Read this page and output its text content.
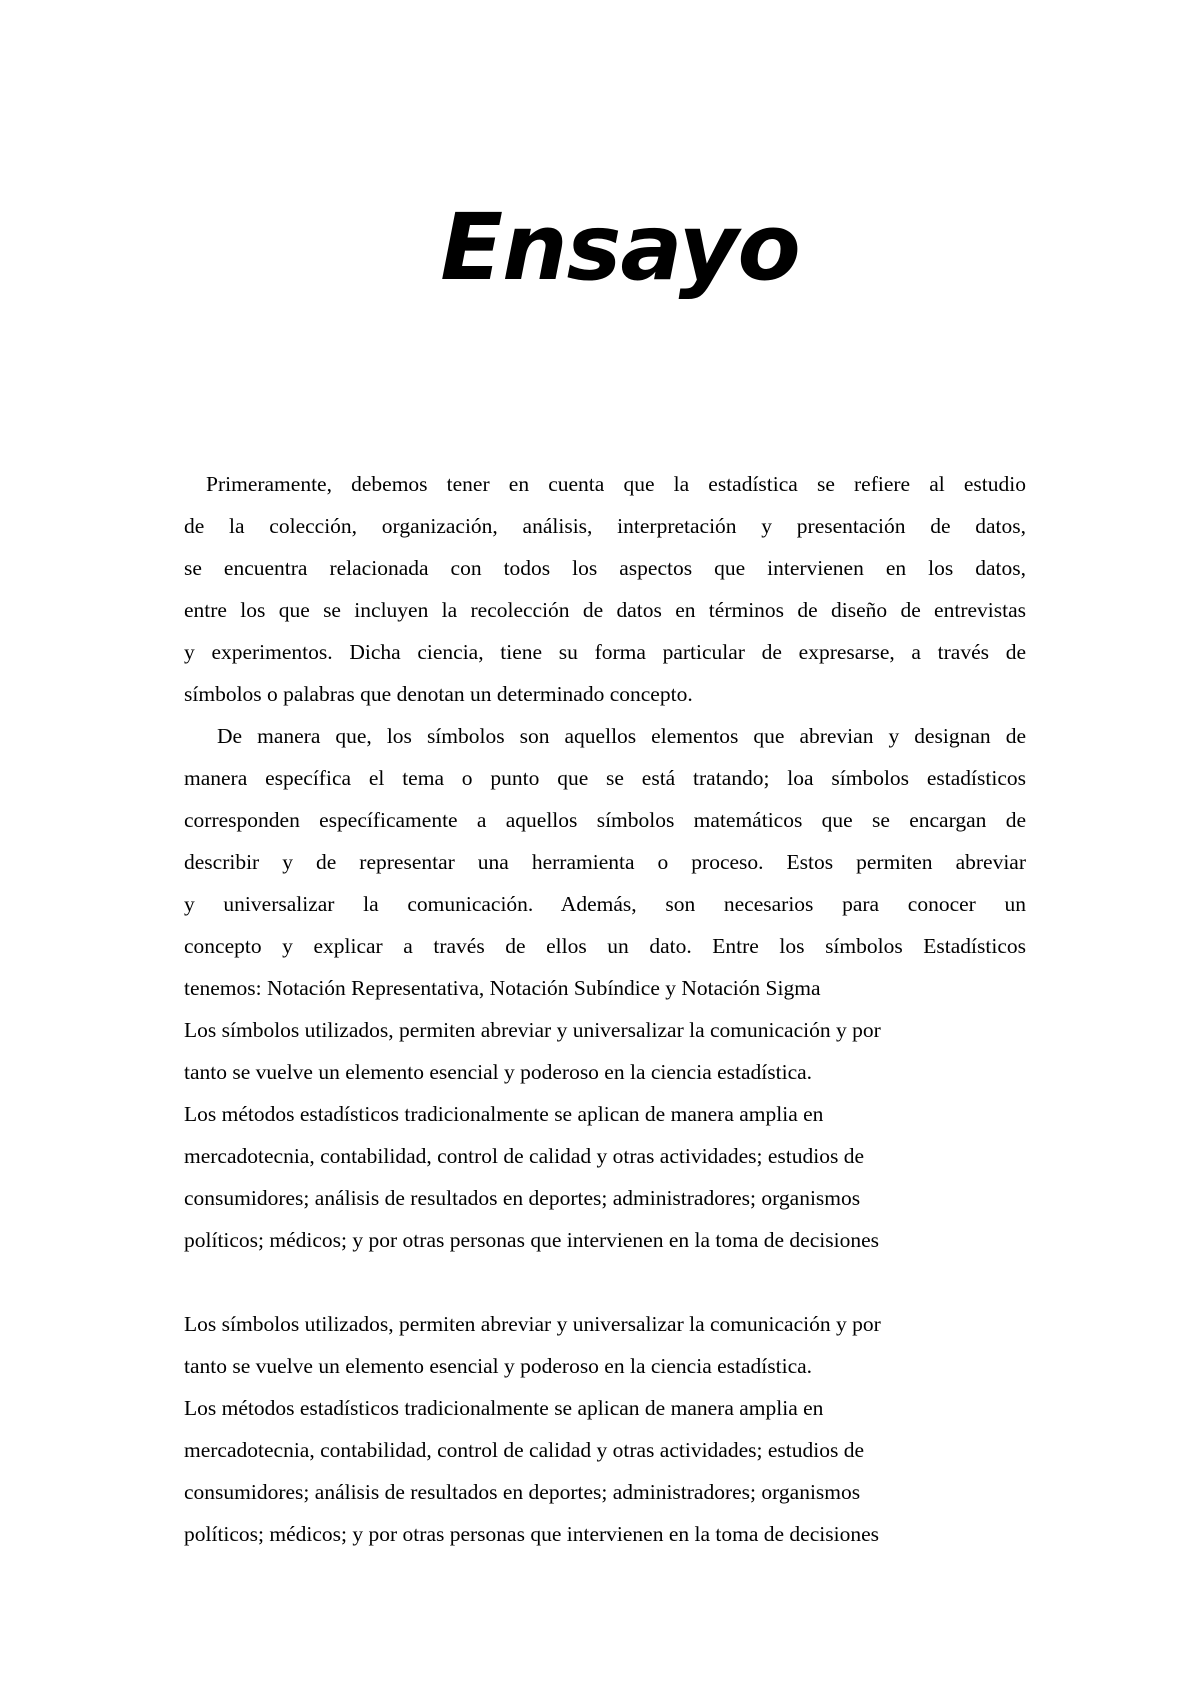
Ensayo
Primeramente, debemos tener en cuenta que la estadística se refiere al estudio
de la colección, organización, análisis, interpretación y presentación de datos,
se encuentra relacionada con todos los aspectos que intervienen en los datos,
entre los que se incluyen la recolección de datos en términos de diseño de entrevistas
y experimentos. Dicha ciencia, tiene su forma particular de expresarse, a través de
símbolos o palabras que denotan un determinado concepto.
De manera que, los símbolos son aquellos elementos que abrevian y designan de
manera específica el tema o punto que se está tratando; loa símbolos estadísticos
corresponden específicamente a aquellos símbolos matemáticos que se encargan de
describir y de representar una herramienta o proceso. Estos permiten abreviar
y universalizar la comunicación. Además, son necesarios para conocer un
concepto y explicar a través de ellos un dato. Entre los símbolos Estadísticos
tenemos: Notación Representativa, Notación Subíndice y Notación Sigma
Los símbolos utilizados, permiten abreviar y universalizar la comunicación y por
tanto se vuelve un elemento esencial y poderoso en la ciencia estadística.
Los métodos estadísticos tradicionalmente se aplican de manera amplia en
mercadotecnia, contabilidad, control de calidad y otras actividades; estudios de
consumidores; análisis de resultados en deportes; administradores; organismos
políticos; médicos; y por otras personas que intervienen en la toma de decisiones
Los símbolos utilizados, permiten abreviar y universalizar la comunicación y por
tanto se vuelve un elemento esencial y poderoso en la ciencia estadística.
Los métodos estadísticos tradicionalmente se aplican de manera amplia en
mercadotecnia, contabilidad, control de calidad y otras actividades; estudios de
consumidores; análisis de resultados en deportes; administradores; organismos
políticos; médicos; y por otras personas que intervienen en la toma de decisiones
